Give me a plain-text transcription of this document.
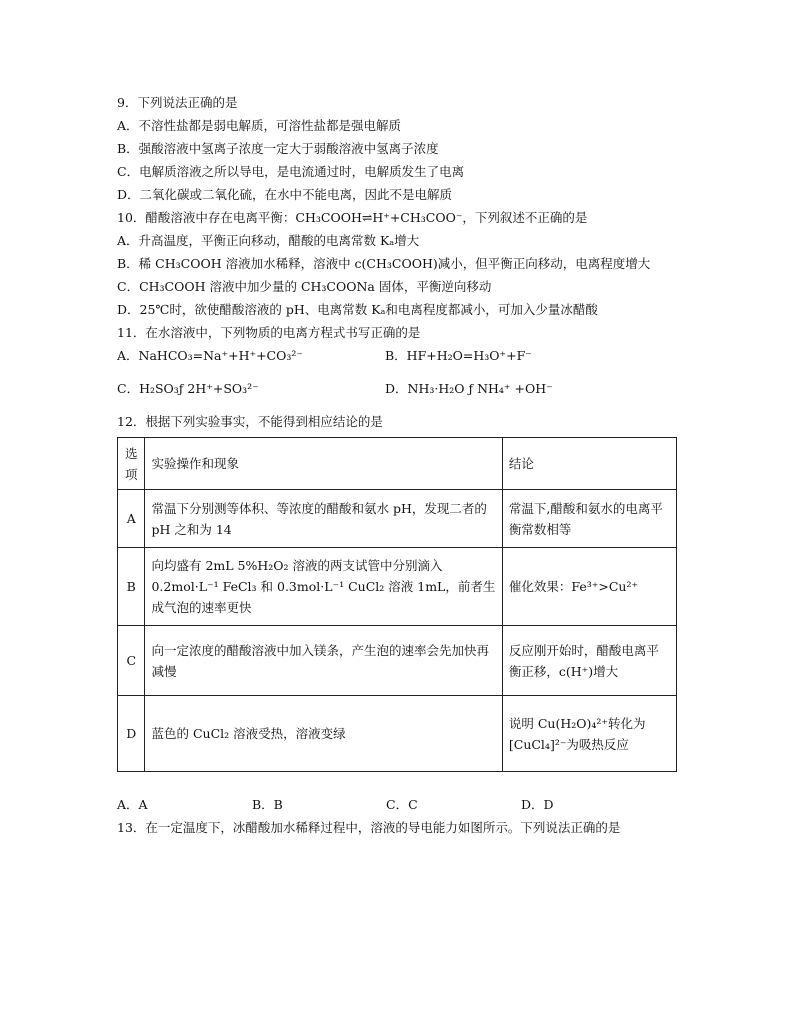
9．下列说法正确的是
A．不溶性盐都是弱电解质，可溶性盐都是强电解质
B．强酸溶液中氢离子浓度一定大于弱酸溶液中氢离子浓度
C．电解质溶液之所以导电，是电流通过时，电解质发生了电离
D．二氧化碳或二氧化硫，在水中不能电离，因此不是电解质
10．醋酸溶液中存在电离平衡：CH₃COOH⇌H⁺+CH₃COO⁻，下列叙述不正确的是
A．升高温度，平衡正向移动，醋酸的电离常数 Kₐ增大
B．稀 CH₃COOH 溶液加水稀释，溶液中 c(CH₃COOH)减小，但平衡正向移动，电离程度增大
C．CH₃COOH 溶液中加少量的 CH₃COONa 固体，平衡逆向移动
D．25℃时，欲使醋酸溶液的 pH、电离常数 Kₐ和电离程度都减小，可加入少量冰醋酸
11．在水溶液中，下列物质的电离方程式书写正确的是
A．NaHCO₃=Na⁺+H⁺+CO₃²⁻	B．HF+H₂O=H₃O⁺+F⁻
C．H₂SO₃ƒ 2H⁺+SO₃²⁻	D．NH₃·H₂O ƒ NH₄⁺ +OH⁻
12．根据下列实验事实，不能得到相应结论的是
选项	实验操作和现象	结论
A	常温下分别测等体积、等浓度的醋酸和氨水 pH，发现二者的 pH 之和为 14	常温下,醋酸和氨水的电离平衡常数相等
B	向均盛有 2mL 5%H₂O₂ 溶液的两支试管中分别滴入 0.2mol·L⁻¹ FeCl₃ 和 0.3mol·L⁻¹ CuCl₂ 溶液 1mL，前者生成气泡的速率更快	催化效果：Fe³⁺>Cu²⁺
C	向一定浓度的醋酸溶液中加入镁条，产生泡的速率会先加快再减慢	反应刚开始时，醋酸电离平衡正移，c(H⁺)增大
D	蓝色的 CuCl₂ 溶液受热，溶液变绿	说明 Cu(H₂O)₄²⁺转化为[CuCl₄]²⁻为吸热反应
A．A	B．B	C．C	D．D
13．在一定温度下，冰醋酸加水稀释过程中，溶液的导电能力如图所示。下列说法正确的是
